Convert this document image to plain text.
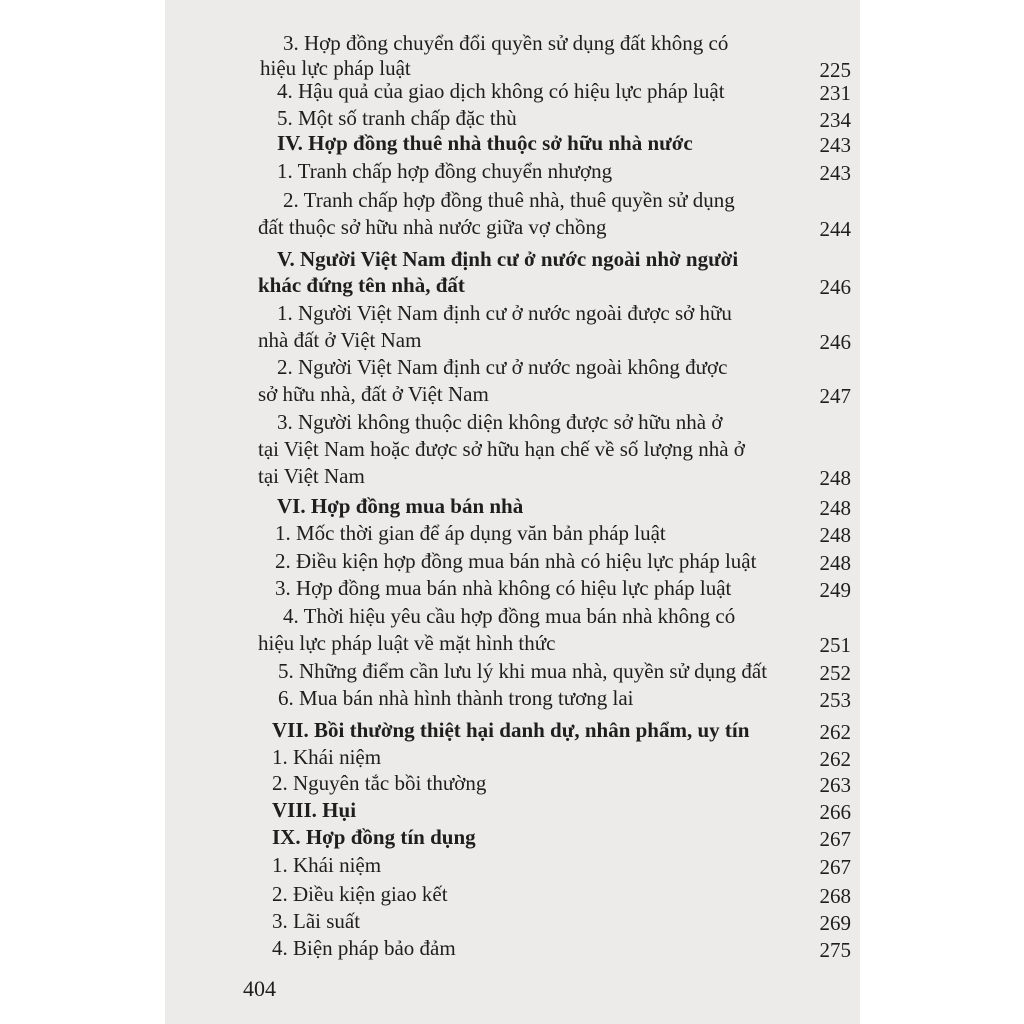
3. Hợp đồng chuyển đổi quyền sử dụng đất không có
hiệu lực pháp luật	225
4. Hậu quả của giao dịch không có hiệu lực pháp luật	231
5. Một số tranh chấp đặc thù	234
IV. Hợp đồng thuê nhà thuộc sở hữu nhà nước	243
1. Tranh chấp hợp đồng chuyển nhượng	243
2. Tranh chấp hợp đồng thuê nhà, thuê quyền sử dụng
đất thuộc sở hữu nhà nước giữa vợ chồng	244
V. Người Việt Nam định cư ở nước ngoài nhờ người
khác đứng tên nhà, đất	246
1. Người Việt Nam định cư ở nước ngoài được sở hữu
nhà đất ở Việt Nam	246
2. Người Việt Nam định cư ở nước ngoài không được
sở hữu nhà, đất ở Việt Nam	247
3. Người không thuộc diện không được sở hữu nhà ở
tại Việt Nam hoặc được sở hữu hạn chế về số lượng nhà ở
tại Việt Nam	248
VI. Hợp đồng mua bán nhà	248
1. Mốc thời gian để áp dụng văn bản pháp luật	248
2. Điều kiện hợp đồng mua bán nhà có hiệu lực pháp luật	248
3. Hợp đồng mua bán nhà không có hiệu lực pháp luật	249
4. Thời hiệu yêu cầu hợp đồng mua bán nhà không có
hiệu lực pháp luật về mặt hình thức	251
5. Những điểm cần lưu lý khi mua nhà, quyền sử dụng đất	252
6. Mua bán nhà hình thành trong tương lai	253
VII. Bồi thường thiệt hại danh dự, nhân phẩm, uy tín	262
1. Khái niệm	262
2. Nguyên tắc bồi thường	263
VIII. Hụi	266
IX. Hợp đồng tín dụng	267
1. Khái niệm	267
2. Điều kiện giao kết	268
3. Lãi suất	269
4. Biện pháp bảo đảm	275
404
